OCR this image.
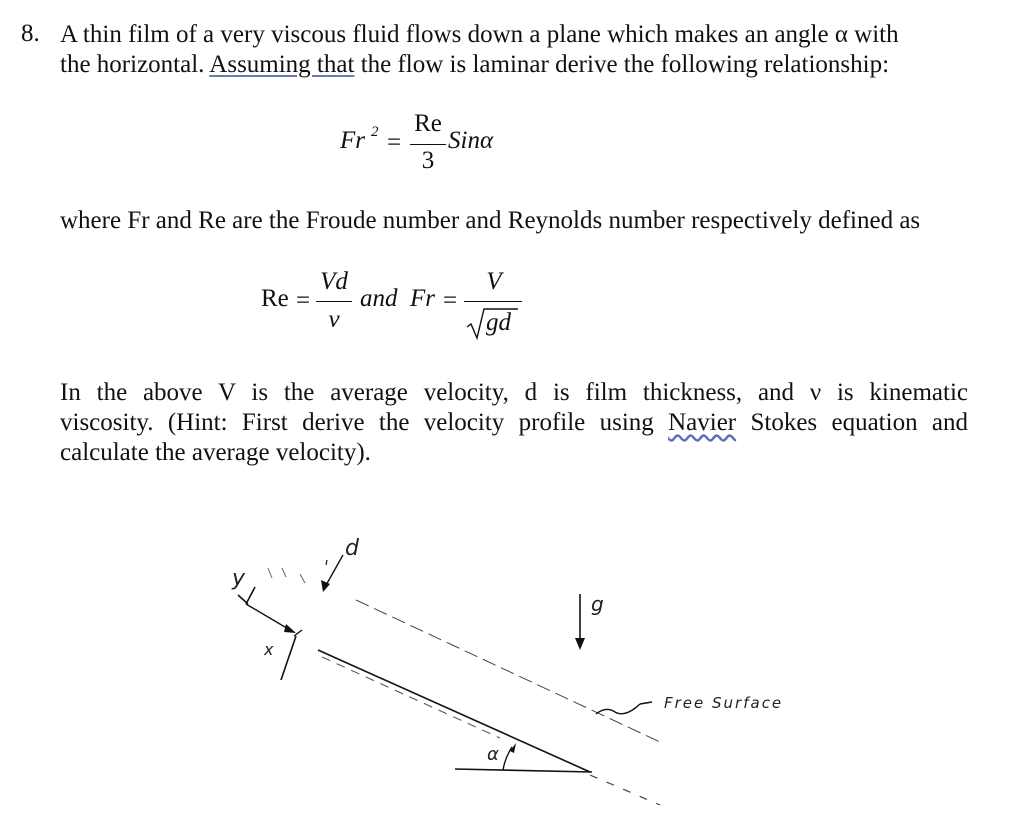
8. A thin film of a very viscous fluid flows down a plane which makes an angle α with
the horizontal. Assuming that the flow is laminar derive the following relationship:
Fr 2 =
Re
3
Sinα
where Fr and Re are the Froude number and Reynolds number respectively defined as
Re =
Vd
ν
and Fr =
V
gd
In the above V is the average velocity, d is film thickness, and ν is kinematic
viscosity. (Hint: First derive the velocity profile using Navier Stokes equation and
calculate the average velocity).
y
x
d
g
α
Free Surface
